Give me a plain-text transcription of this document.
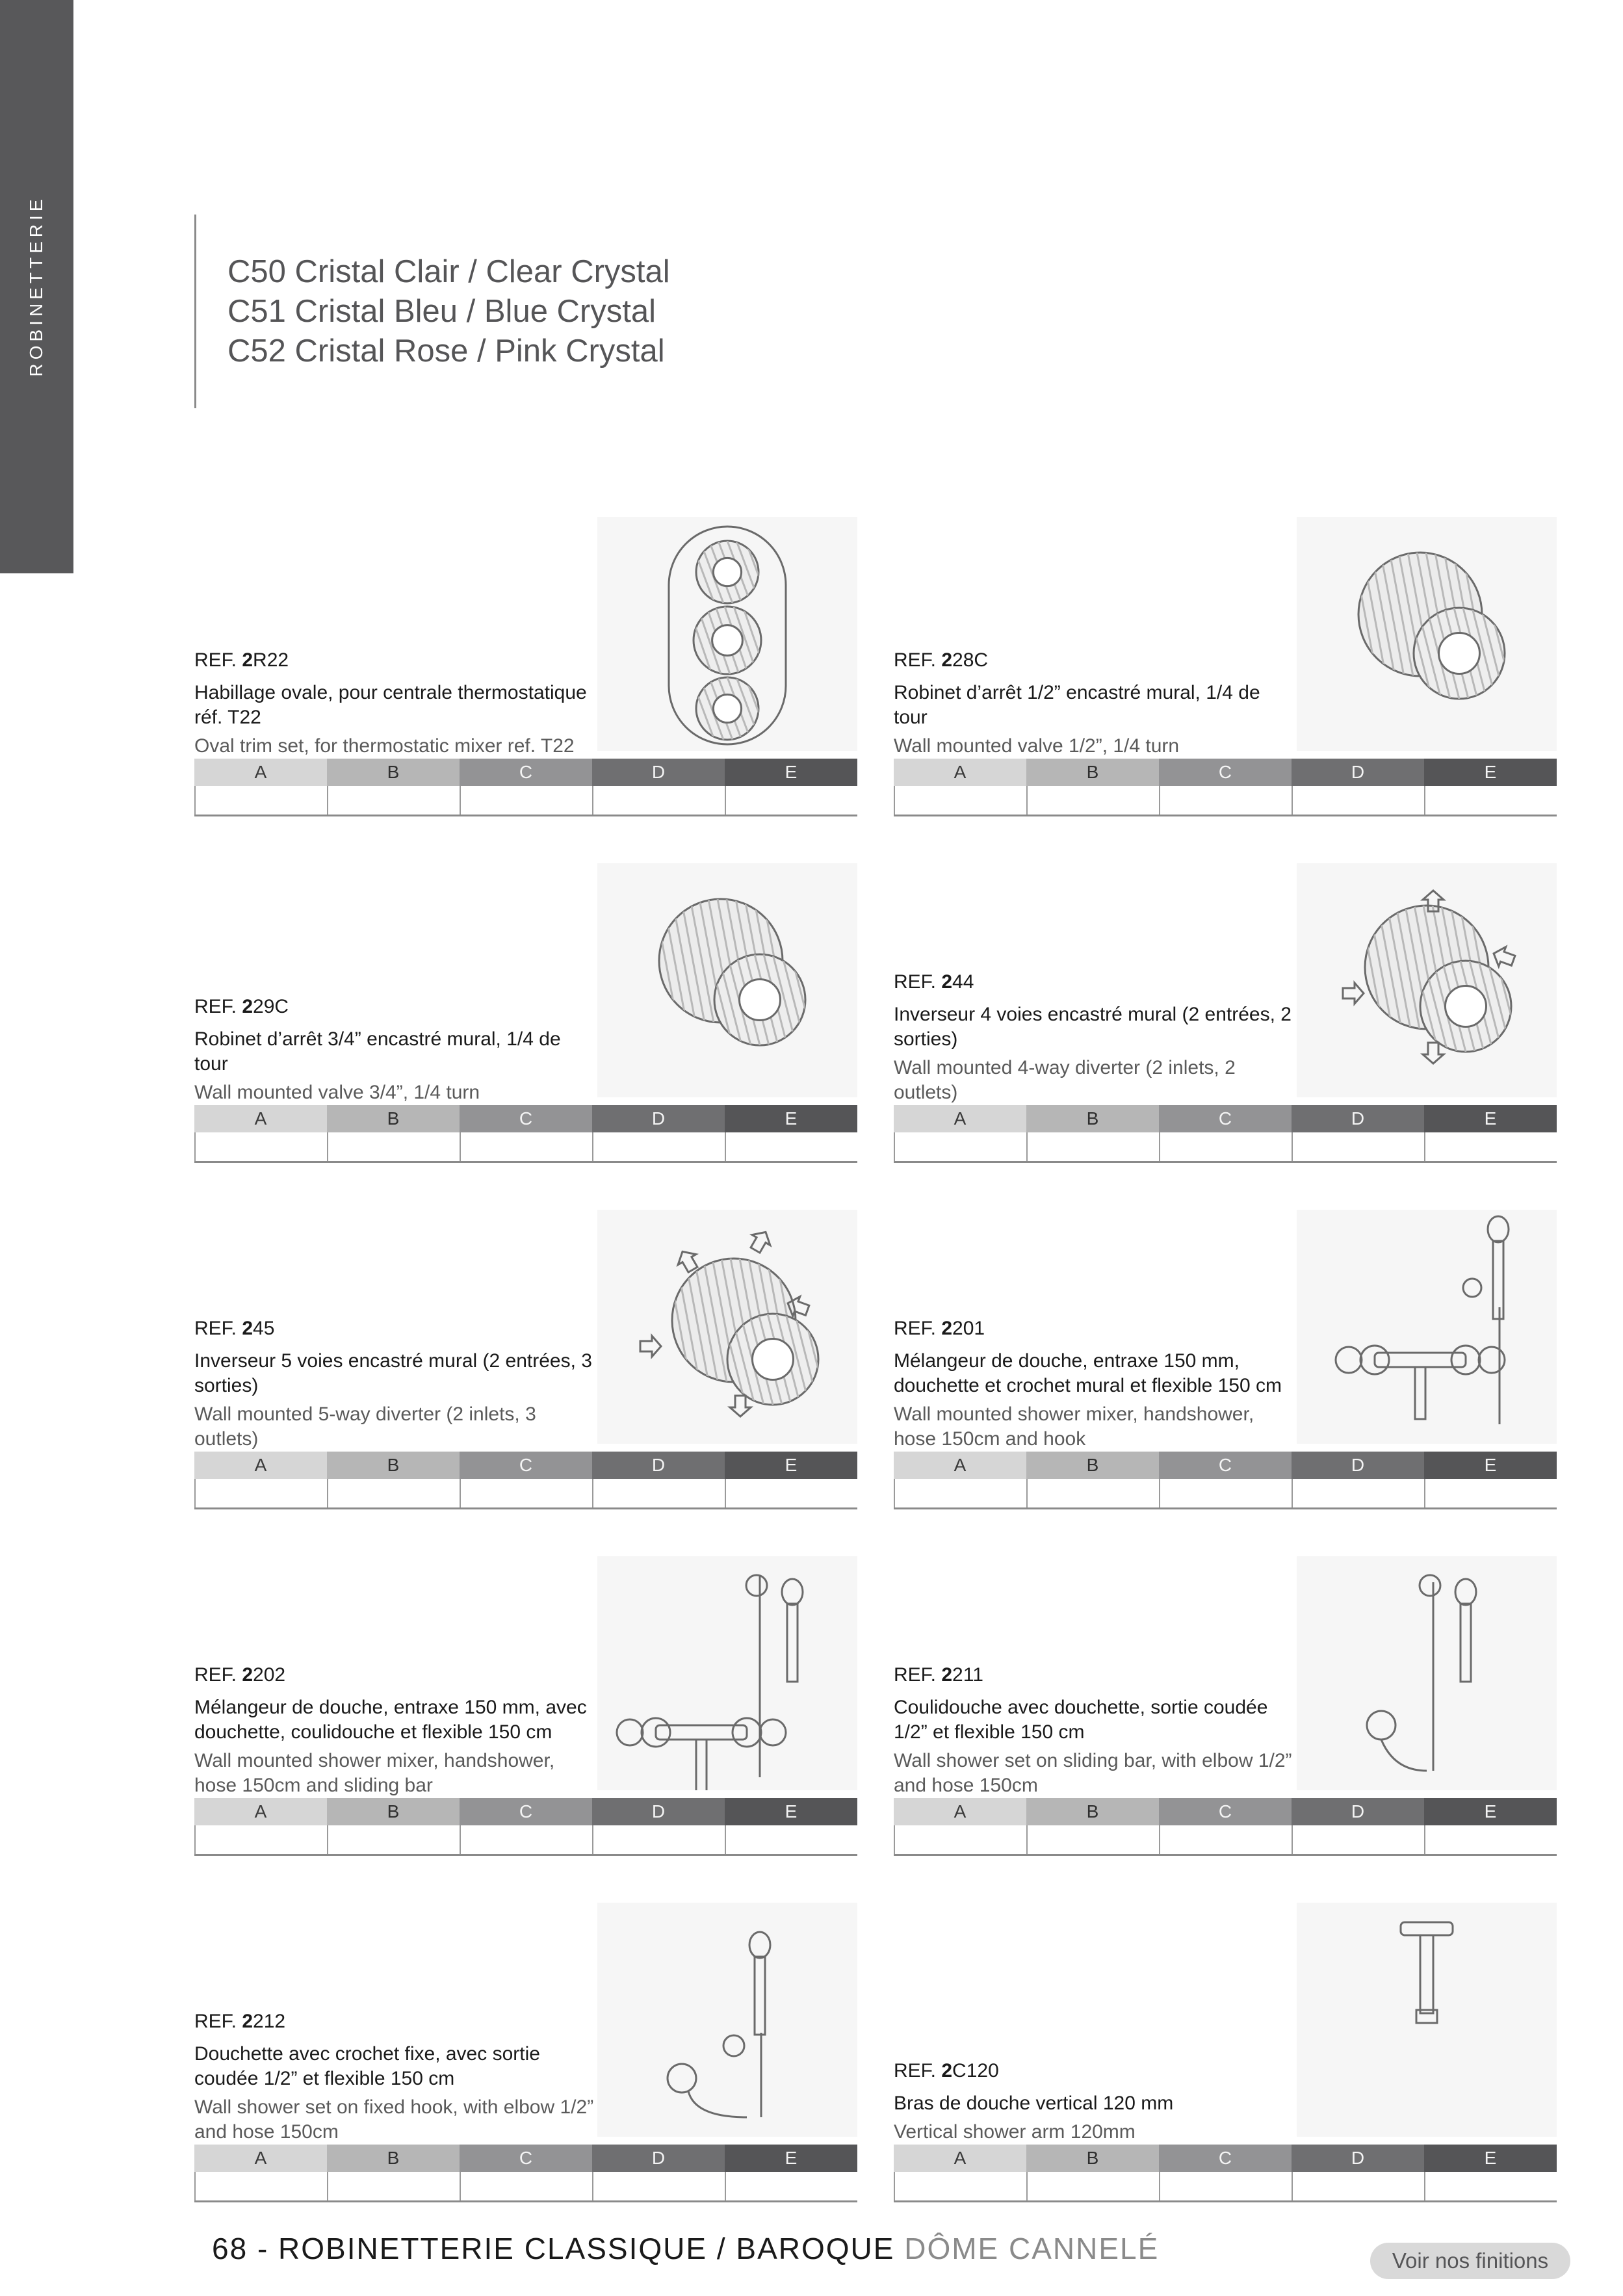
ROBINETTERIE	C50 Cristal Clair / Clear Crystal
C51 Cristal Bleu / Blue Crystal
C52 Cristal Rose / Pink Crystal
REF. 2R22
Habillage ovale, pour centrale thermostatique réf. T22
Oval trim set, for thermostatic mixer ref. T22
A	B	C	D	E
REF. 228C
Robinet d’arrêt 1/2” encastré mural, 1/4 de tour
Wall mounted valve 1/2”, 1/4 turn
A	B	C	D	E
REF. 229C
Robinet d’arrêt 3/4” encastré mural, 1/4 de tour
Wall mounted valve 3/4”, 1/4 turn
A	B	C	D	E
REF. 244
Inverseur 4 voies encastré mural (2 entrées, 2 sorties)
Wall mounted 4-way diverter (2 inlets, 2 outlets)
A	B	C	D	E
REF. 245
Inverseur 5 voies encastré mural (2 entrées, 3 sorties)
Wall mounted 5-way diverter (2 inlets, 3 outlets)
A	B	C	D	E
REF. 2201
Mélangeur de douche, entraxe 150 mm, douchette et crochet mural et flexible 150 cm
Wall mounted shower mixer, handshower, hose 150cm and hook
A	B	C	D	E
REF. 2202
Mélangeur de douche, entraxe 150 mm, avec douchette, coulidouche et flexible 150 cm
Wall mounted shower mixer, handshower, hose 150cm and sliding bar
A	B	C	D	E
REF. 2211
Coulidouche avec douchette, sortie coudée 1/2” et flexible 150 cm
Wall shower set on sliding bar, with elbow 1/2” and hose 150cm
A	B	C	D	E
REF. 2212
Douchette avec crochet fixe, avec sortie coudée 1/2” et flexible 150 cm
Wall shower set on fixed hook, with elbow 1/2” and hose 150cm
A	B	C	D	E
REF. 2C120
Bras de douche vertical 120 mm
Vertical shower arm 120mm
A	B	C	D	E
68 - ROBINETTERIE CLASSIQUE / BAROQUE DÔME CANNELÉ	Voir nos finitions
